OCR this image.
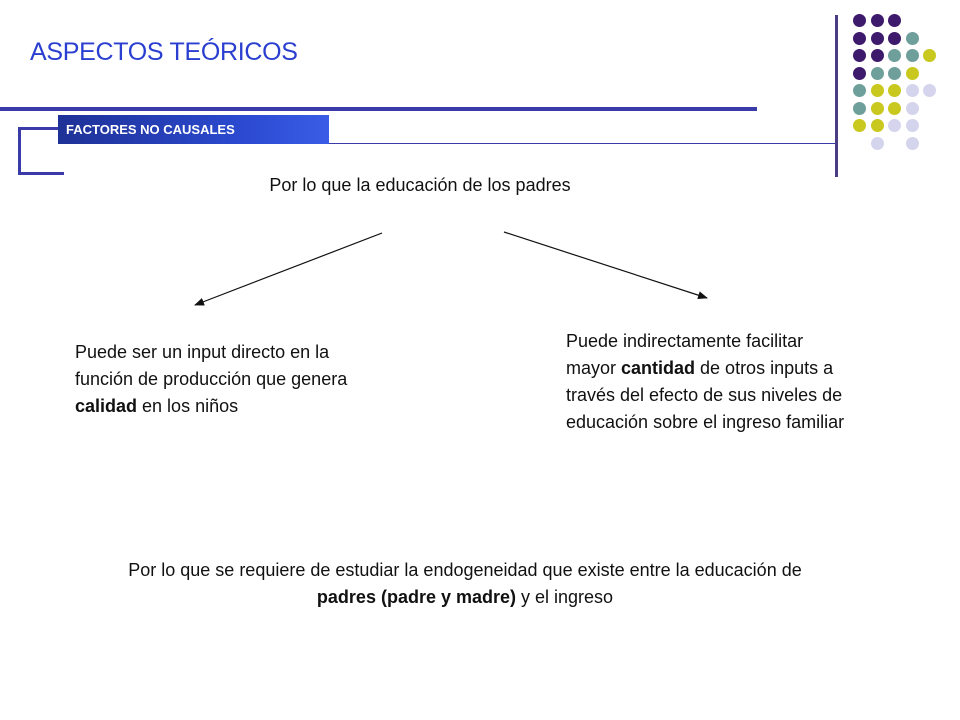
ASPECTOS TEÓRICOS
FACTORES NO CAUSALES
Por lo que la educación de los padres
Puede ser un input directo en la función de producción que genera calidad en los niños
Puede indirectamente facilitar mayor cantidad de otros inputs a través del efecto de sus niveles de educación sobre el ingreso familiar
Por lo que se requiere de estudiar la endogeneidad que existe entre la educación de padres (padre y madre) y el ingreso
